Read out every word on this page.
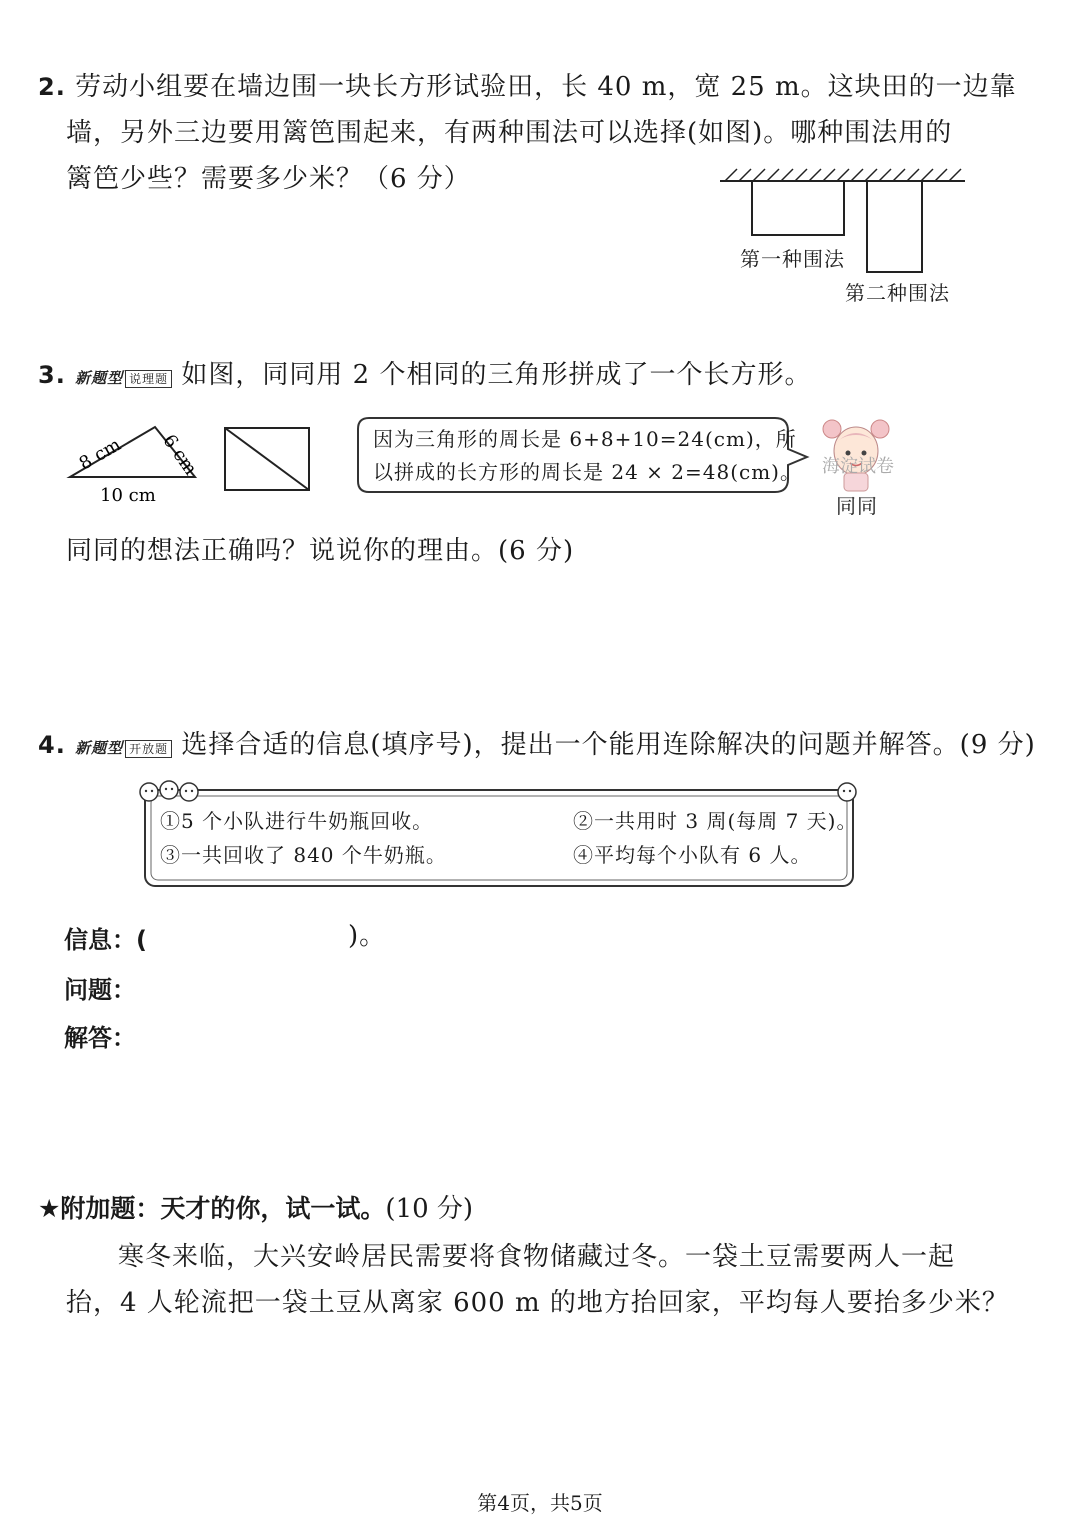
2. 劳动小组要在墙边围一块长方形试验田，长 40 m，宽 25 m。这块田的一边靠
墙，另外三边要用篱笆围起来，有两种围法可以选择(如图)。哪种围法用的
篱笆少些？需要多少米？（6 分）
第一种围法
第二种围法
3. 新题型 说理题 如图，同同用 2 个相同的三角形拼成了一个长方形。
8 cm 6 cm
10 cm
因为三角形的周长是 6+8+10=24(cm)，所
以拼成的长方形的周长是 24 × 2=48(cm)。 海淀试卷
同同
同同的想法正确吗？说说你的理由。(6 分)
4. 新题型 开放题 选择合适的信息(填序号)，提出一个能用连除解决的问题并解答。(9 分)
①5 个小队进行牛奶瓶回收。	②一共用时 3 周(每周 7 天)。
③一共回收了 840 个牛奶瓶。	④平均每个小队有 6 人。
信息：(	)。
问题：
解答：
★附加题：天才的你，试一试。(10 分)
寒冬来临，大兴安岭居民需要将食物储藏过冬。一袋土豆需要两人一起
抬，4 人轮流把一袋土豆从离家 600 m 的地方抬回家，平均每人要抬多少米？
第4页，共5页
